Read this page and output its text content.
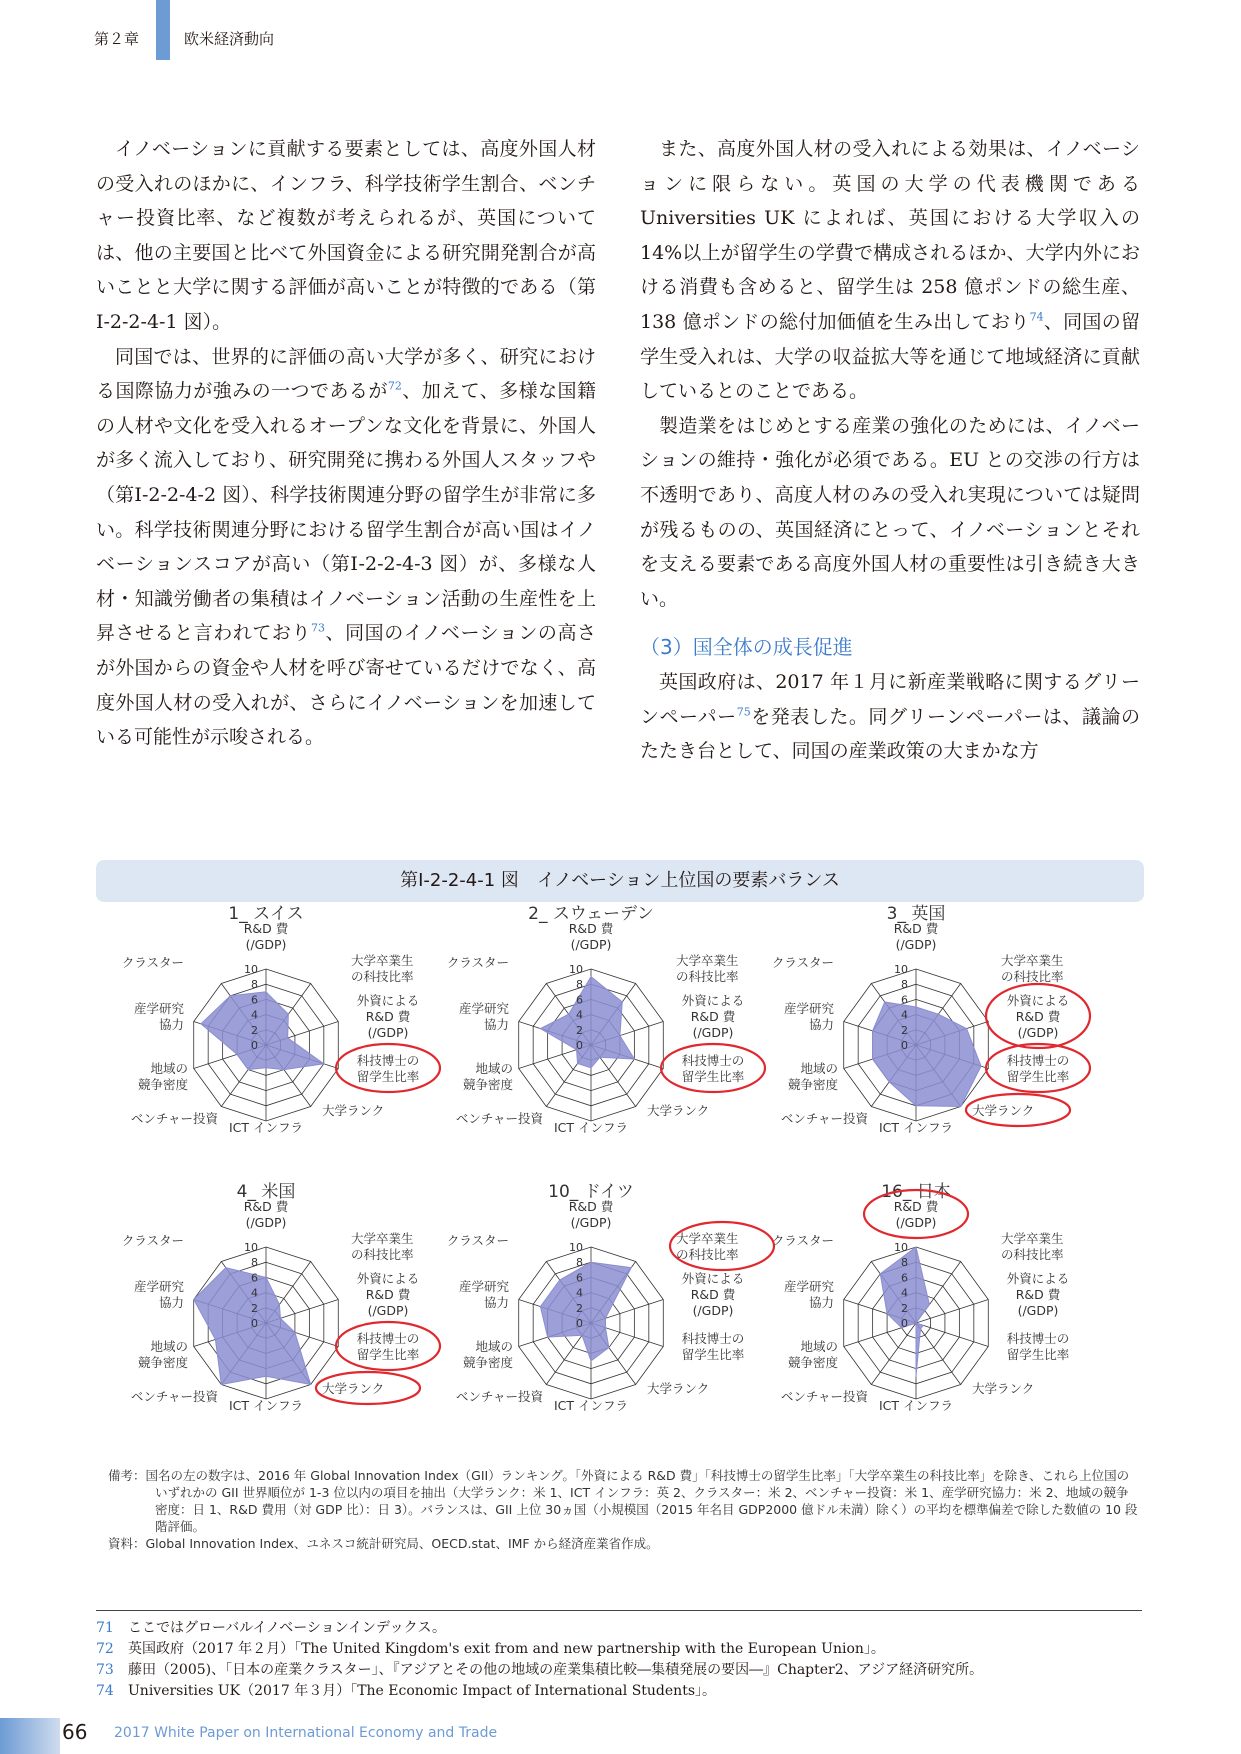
第２章	欧米経済動向

イノベーションに貢献する要素としては、高度外国人材の受入れのほかに、インフラ、科学技術学生割合、ベンチャー投資比率、など複数が考えられるが、英国については、他の主要国と比べて外国資金による研究開発割合が高いことと大学に関する評価が高いことが特徴的である（第Ⅰ-2-2-4-1 図）。

同国では、世界的に評価の高い大学が多く、研究における国際協力が強みの一つであるが$^{72}$、加えて、多様な国籍の人材や文化を受入れるオープンな文化を背景に、外国人が多く流入しており、研究開発に携わる外国人スタッフや（第Ⅰ-2-2-4-2 図）、科学技術関連分野の留学生が非常に多い。科学技術関連分野における留学生割合が高い国はイノベーションスコアが高い（第Ⅰ-2-2-4-3 図）が、多様な人材・知識労働者の集積はイノベーション活動の生産性を上昇させると言われており$^{73}$、同国のイノベーションの高さが外国からの資金や人材を呼び寄せているだけでなく、高度外国人材の受入れが、さらにイノベーションを加速している可能性が示唆される。

また、高度外国人材の受入れによる効果は、イノベーションに限らない。英国の大学の代表機関であるUniversities UK によれば、英国における大学収入の14%以上が留学生の学費で構成されるほか、大学内外における消費も含めると、留学生は 258 億ポンドの総生産、138 億ポンドの総付加価値を生み出しており$^{74}$、同国の留学生受入れは、大学の収益拡大等を通じて地域経済に貢献しているとのことである。

製造業をはじめとする産業の強化のためには、イノベーションの維持・強化が必須である。EU との交渉の行方は不透明であり、高度人材のみの受入れ実現については疑問が残るものの、英国経済にとって、イノベーションとそれを支える要素である高度外国人材の重要性は引き続き大きい。

（3）国全体の成長促進

英国政府は、2017 年１月に新産業戦略に関するグリーンペーパー$^{75}$を発表した。同グリーンペーパーは、議論のたたき台として、同国の産業政策の大まかな方

第Ⅰ-2-2-4-1 図　イノベーション上位国の要素バランス
1_ スイス
0
2
4
6
8
10
R&D 費(/GDP)
大学卒業生の科技比率
外資による R&D 費(/GDP)
科技博士の留学生比率
大学ランク
ICT インフラ
ベンチャー投資
地域の競争密度
産学研究協力
クラスター
2_ スウェーデン
0
2
4
6
8
10
R&D 費(/GDP)
大学卒業生の科技比率
外資による R&D 費(/GDP)
科技博士の留学生比率
大学ランク
ICT インフラ
ベンチャー投資
地域の競争密度
産学研究協力
クラスター
3_ 英国
0
2
4
6
8
10
R&D 費(/GDP)
大学卒業生の科技比率
外資による R&D 費(/GDP)
科技博士の留学生比率
大学ランク
ICT インフラ
ベンチャー投資
地域の競争密度
産学研究協力
クラスター
4_ 米国
0
2
4
6
8
10
R&D 費(/GDP)
大学卒業生の科技比率
外資による R&D 費(/GDP)
科技博士の留学生比率
大学ランク
ICT インフラ
ベンチャー投資
地域の競争密度
産学研究協力
クラスター
10_ ドイツ
0
2
4
6
8
10
R&D 費(/GDP)
大学卒業生の科技比率
外資による R&D 費(/GDP)
科技博士の留学生比率
大学ランク
ICT インフラ
ベンチャー投資
地域の競争密度
産学研究協力
クラスター
16_ 日本
0
2
4
6
8
10
R&D 費(/GDP)
大学卒業生の科技比率
外資による R&D 費(/GDP)
科技博士の留学生比率
大学ランク
ICT インフラ
ベンチャー投資
地域の競争密度
産学研究協力
クラスター
備考：国名の左の数字は、2016 年 Global Innovation Index（GII）ランキング。「外資による R&D 費」「科技博士の留学生比率」「大学卒業生の科技比率」を除き、これら上位国のいずれかの GII 世界順位が 1-3 位以内の項目を抽出（大学ランク：米 1、ICT インフラ：英 2、クラスター：米 2、ベンチャー投資：米 1、産学研究協力：米 2、地域の競争密度：日 1、R&D 費用（対 GDP 比）：日 3）。バランスは、GII 上位 30ヵ国（小規模国（2015 年名目 GDP2000 億ドル未満）除く）の平均を標準偏差で除した数値の 10 段階評価。
資料：Global Innovation Index、ユネスコ統計研究局、OECD.stat、IMF から経済産業省作成。
71 ここではグローバルイノベーションインデックス。
72 英国政府（2017 年２月）「The United Kingdom's exit from and new partnership with the European Union」。
73 藤田（2005)、「日本の産業クラスター」、『アジアとその他の地域の産業集積比較―集積発展の要因―』Chapter2、アジア経済研究所。
74 Universities UK（2017 年３月）「The Economic Impact of International Students」。
66 2017 White Paper on International Economy and Trade
